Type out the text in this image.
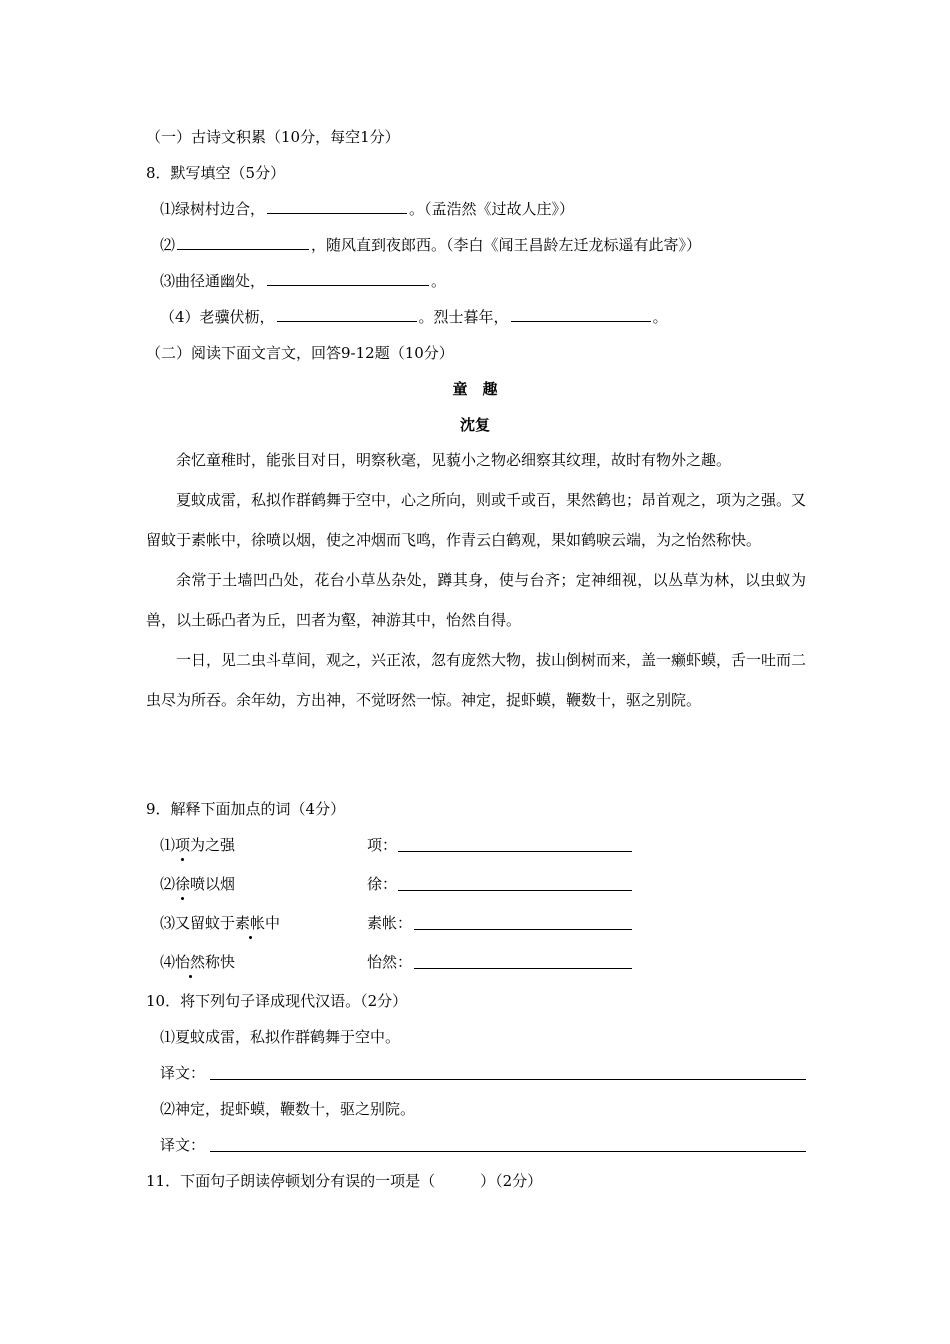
（一）古诗文积累（10分，每空1分）
8．默写填空（5分）
⑴绿树村边合，	。（孟浩然《过故人庄》）
⑵	，随风直到夜郎西。（李白《闻王昌龄左迁龙标遥有此寄》）
⑶曲径通幽处，	。
（4）老骥伏枥，	。烈士暮年，	。
（二）阅读下面文言文，回答9-12题（10分）
童　趣
沈复

余忆童稚时，能张目对日，明察秋毫，见藐小之物必细察其纹理，故时有物外之趣。

夏蚊成雷，私拟作群鹤舞于空中，心之所向，则或千或百，果然鹤也；昂首观之，项为之强。又留蚊于素帐中，徐喷以烟，使之冲烟而飞鸣，作青云白鹤观，果如鹤唳云端，为之怡然称快。

余常于土墙凹凸处，花台小草丛杂处，蹲其身，使与台齐；定神细视，以丛草为林，以虫蚁为兽，以土砾凸者为丘，凹者为壑，神游其中，怡然自得。

一日，见二虫斗草间，观之，兴正浓，忽有庞然大物，拔山倒树而来，盖一癞虾蟆，舌一吐而二虫尽为所吞。余年幼，方出神，不觉呀然一惊。神定，捉虾蟆，鞭数十，驱之别院。

9．解释下面加点的词（4分）
⑴项为之强	项：
⑵徐喷以烟	徐：
⑶又留蚊于素帐中	素帐：
⑷怡然称快	怡然：
10．将下列句子译成现代汉语。（2分）
⑴夏蚊成雷，私拟作群鹤舞于空中。
译文：
⑵神定，捉虾蟆，鞭数十，驱之别院。
译文：
11．下面句子朗读停顿划分有误的一项是（　　　）（2分）
